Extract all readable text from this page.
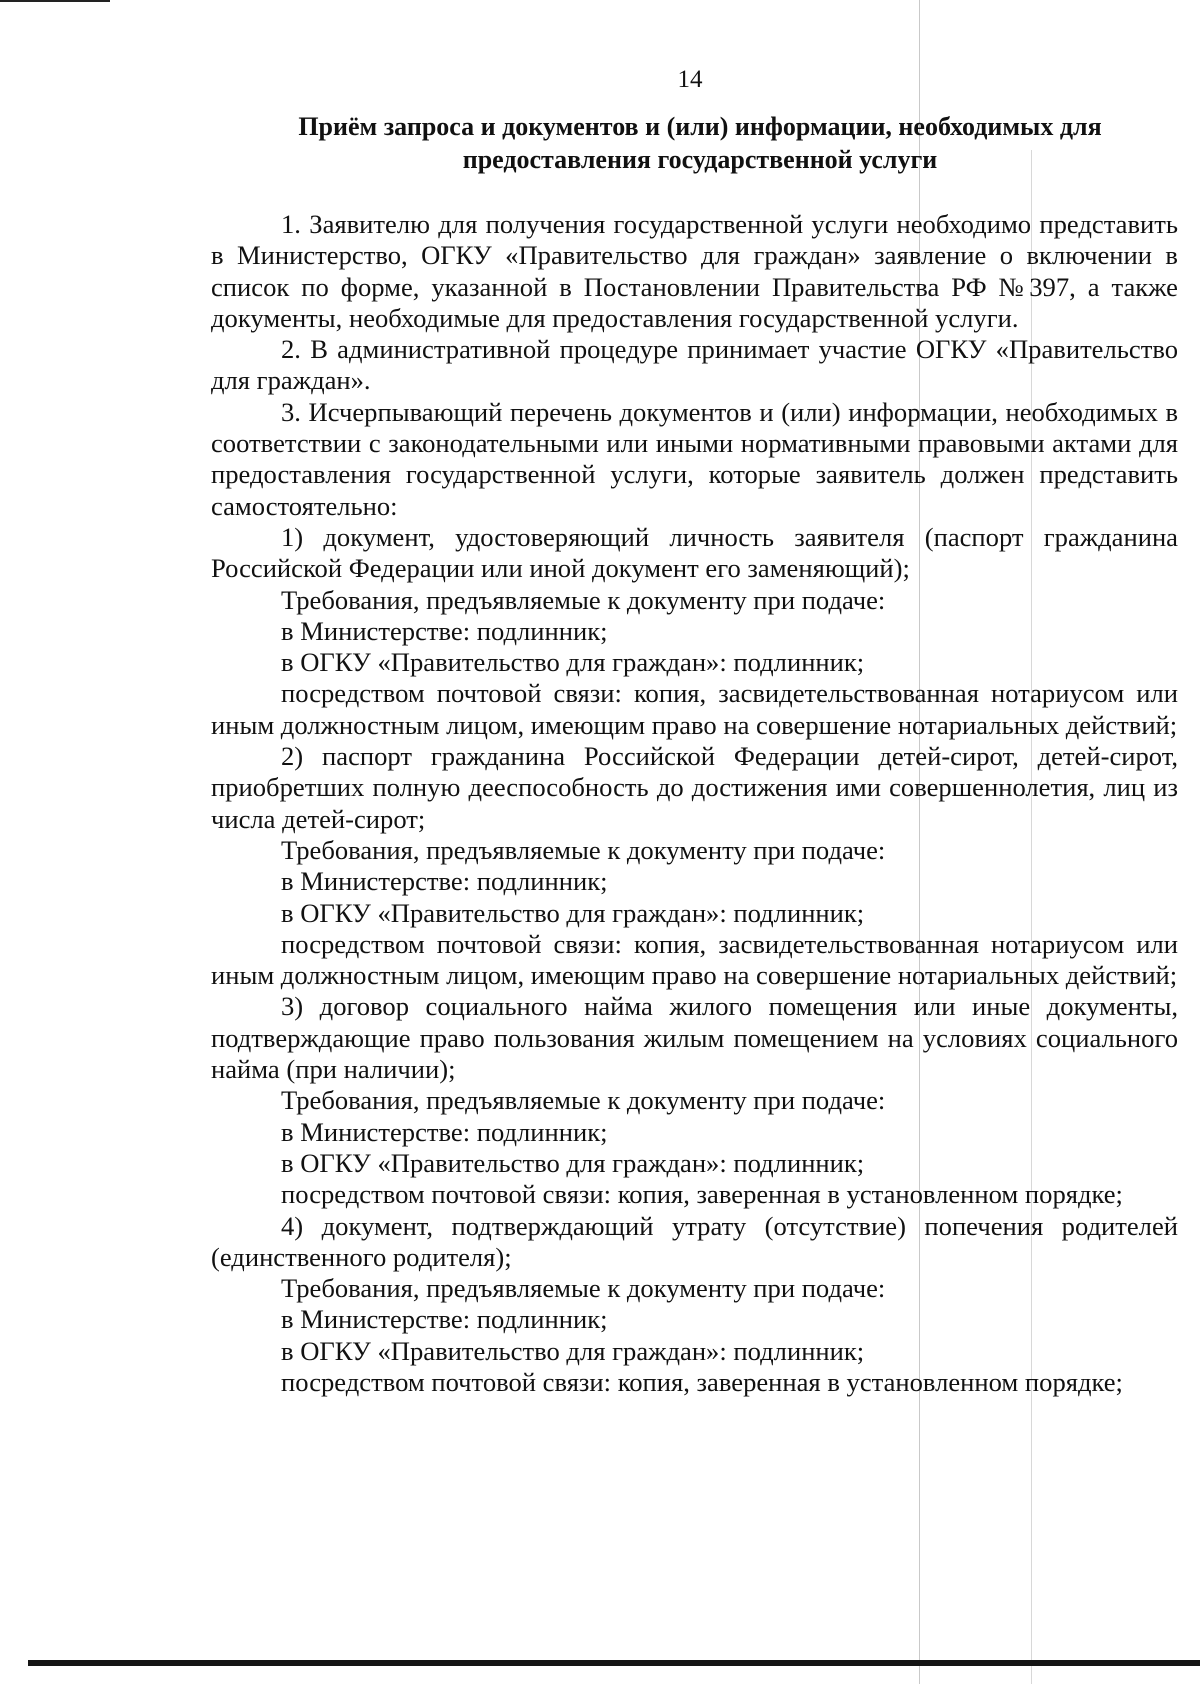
14
Приём запроса и документов и (или) информации, необходимых для
предоставления государственной услуги

1. Заявителю для получения государственной услуги необходимо представить в Министерство, ОГКУ «Правительство для граждан» заявление о включении в список по форме, указанной в Постановлении Правительства РФ №397, а также документы, необходимые для предоставления государственной услуги.

2. В административной процедуре принимает участие ОГКУ «Правительство для граждан».

3. Исчерпывающий перечень документов и (или) информации, необходимых в соответствии с законодательными или иными нормативными правовыми актами для предоставления государственной услуги, которые заявитель должен представить самостоятельно:

1) документ, удостоверяющий личность заявителя (паспорт гражданина Российской Федерации или иной документ его заменяющий);

Требования, предъявляемые к документу при подаче:

в Министерстве: подлинник;

в ОГКУ «Правительство для граждан»: подлинник;

посредством почтовой связи: копия, засвидетельствованная нотариусом или иным должностным лицом, имеющим право на совершение нотариальных действий;

2) паспорт гражданина Российской Федерации детей-сирот, детей-сирот, приобретших полную дееспособность до достижения ими совершеннолетия, лиц из числа детей-сирот;

Требования, предъявляемые к документу при подаче:

в Министерстве: подлинник;

в ОГКУ «Правительство для граждан»: подлинник;

посредством почтовой связи: копия, засвидетельствованная нотариусом или иным должностным лицом, имеющим право на совершение нотариальных действий;

3) договор социального найма жилого помещения или иные документы, подтверждающие право пользования жилым помещением на условиях социального найма (при наличии);

Требования, предъявляемые к документу при подаче:

в Министерстве: подлинник;

в ОГКУ «Правительство для граждан»: подлинник;

посредством почтовой связи: копия, заверенная в установленном порядке;

4) документ, подтверждающий утрату (отсутствие) попечения родителей (единственного родителя);

Требования, предъявляемые к документу при подаче:

в Министерстве: подлинник;

в ОГКУ «Правительство для граждан»: подлинник;

посредством почтовой связи: копия, заверенная в установленном порядке;
